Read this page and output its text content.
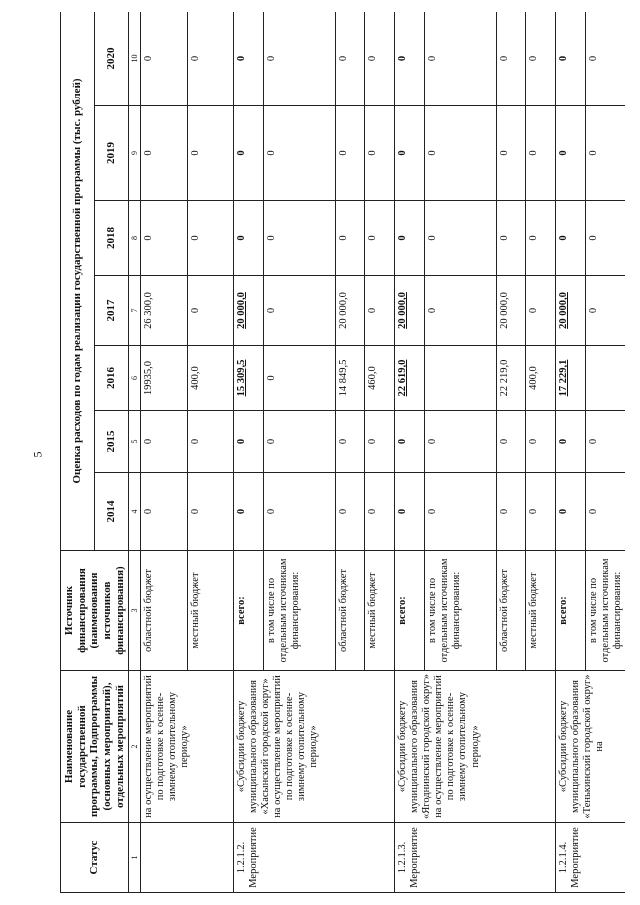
5
Статус	Наименование государственной программы, Подпрограммы (основных мероприятий), отдельных мероприятий	Источник финансирования (наименования источников финансирования)	Оценка расходов по годам реализации государственной программы (тыс. рублей)						
			2014	2015	2016	2017	2018	2019	2020
1	2	3	4	5	6	7	8	9	10
	на осуществление мероприятий по подготовке к осенне-зимнему отопительному периоду»	областной бюджет	0	0	19935,0	26 300,0	0	0	0
		местный бюджет	0	0	400,0	0	0	0	0

1.2.1.2. Мероприятие	«Субсидии бюджету муниципального образования «Хасынский городской округ» на осуществление мероприятий по подготовке к осенне-зимнему отопительному периоду»	всего:	0	0	15 309,5	20 000,0	0	0	0
		в том числе по отдельным источникам финансирования:	0	0	0	0	0	0	0
		областной бюджет	0	0	14 849,5	20 000,0	0	0	0
		местный бюджет	0	0	460,0	0	0	0	0

1.2.1.3. Мероприятие	«Субсидии бюджету муниципального образования «Ягоднинский городской округ» на осуществление мероприятий по подготовке к осенне-зимнему отопительному периоду»	всего:	0	0	22 619,0	20 000,0	0	0	0
		в том числе по отдельным источникам финансирования:	0	0		0	0	0	0
		областной бюджет	0	0	22 219,0	20 000,0	0	0	0
		местный бюджет	0	0	400,0	0	0	0	0

1.2.1.4. Мероприятие	«Субсидии бюджету муниципального образования «Тенькинский городской округ» на	всего:	0	0	17 229,1	20 000,0	0	0	0
		в том числе по отдельным источникам финансирования:	0	0		0	0	0	0
